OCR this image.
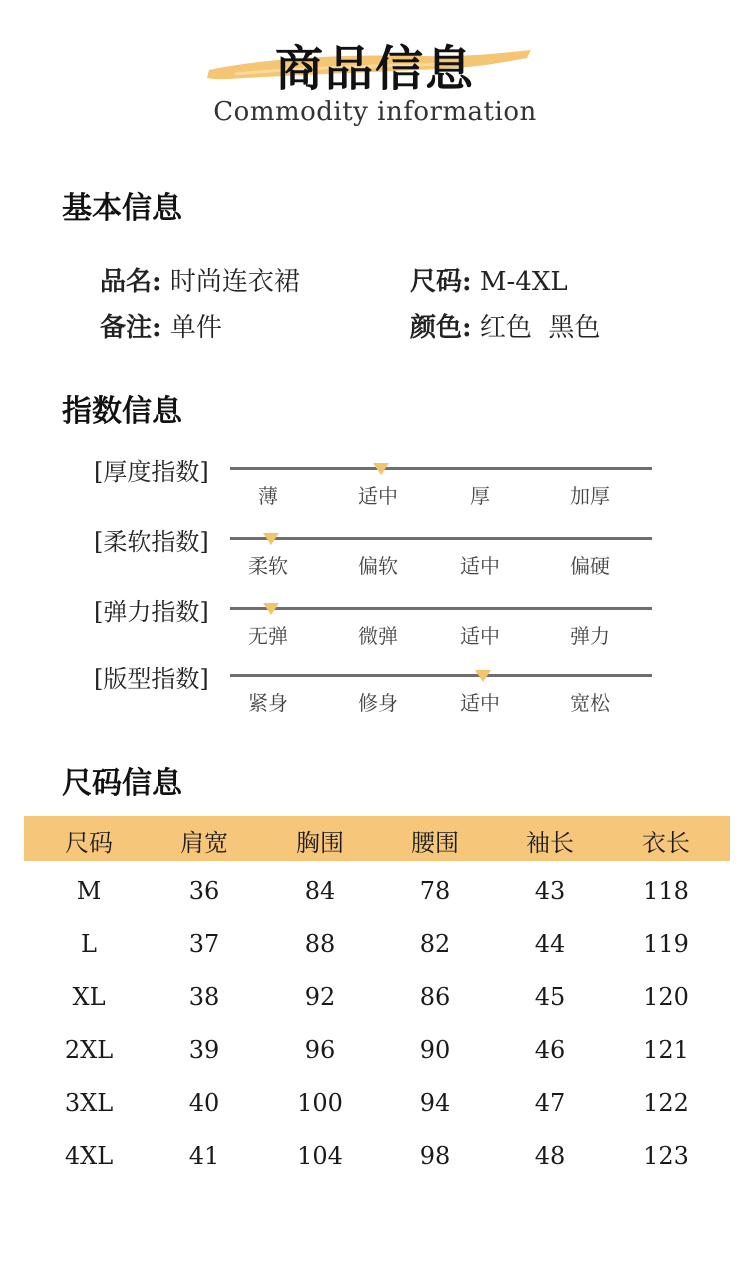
商品信息
Commodity information
基本信息
品名: 时尚连衣裙	尺码: M-4XL
备注: 单件	颜色: 红色  黑色
指数信息
[厚度指数]
薄	适中	厚	加厚
[柔软指数]
柔软	偏软	适中	偏硬
[弹力指数]
无弹	微弹	适中	弹力
[版型指数]
紧身	修身	适中	宽松
尺码信息
尺码	肩宽	胸围	腰围	袖长	衣长
M	36	84	78	43	118
L	37	88	82	44	119
XL	38	92	86	45	120
2XL	39	96	90	46	121
3XL	40	100	94	47	122
4XL	41	104	98	48	123
